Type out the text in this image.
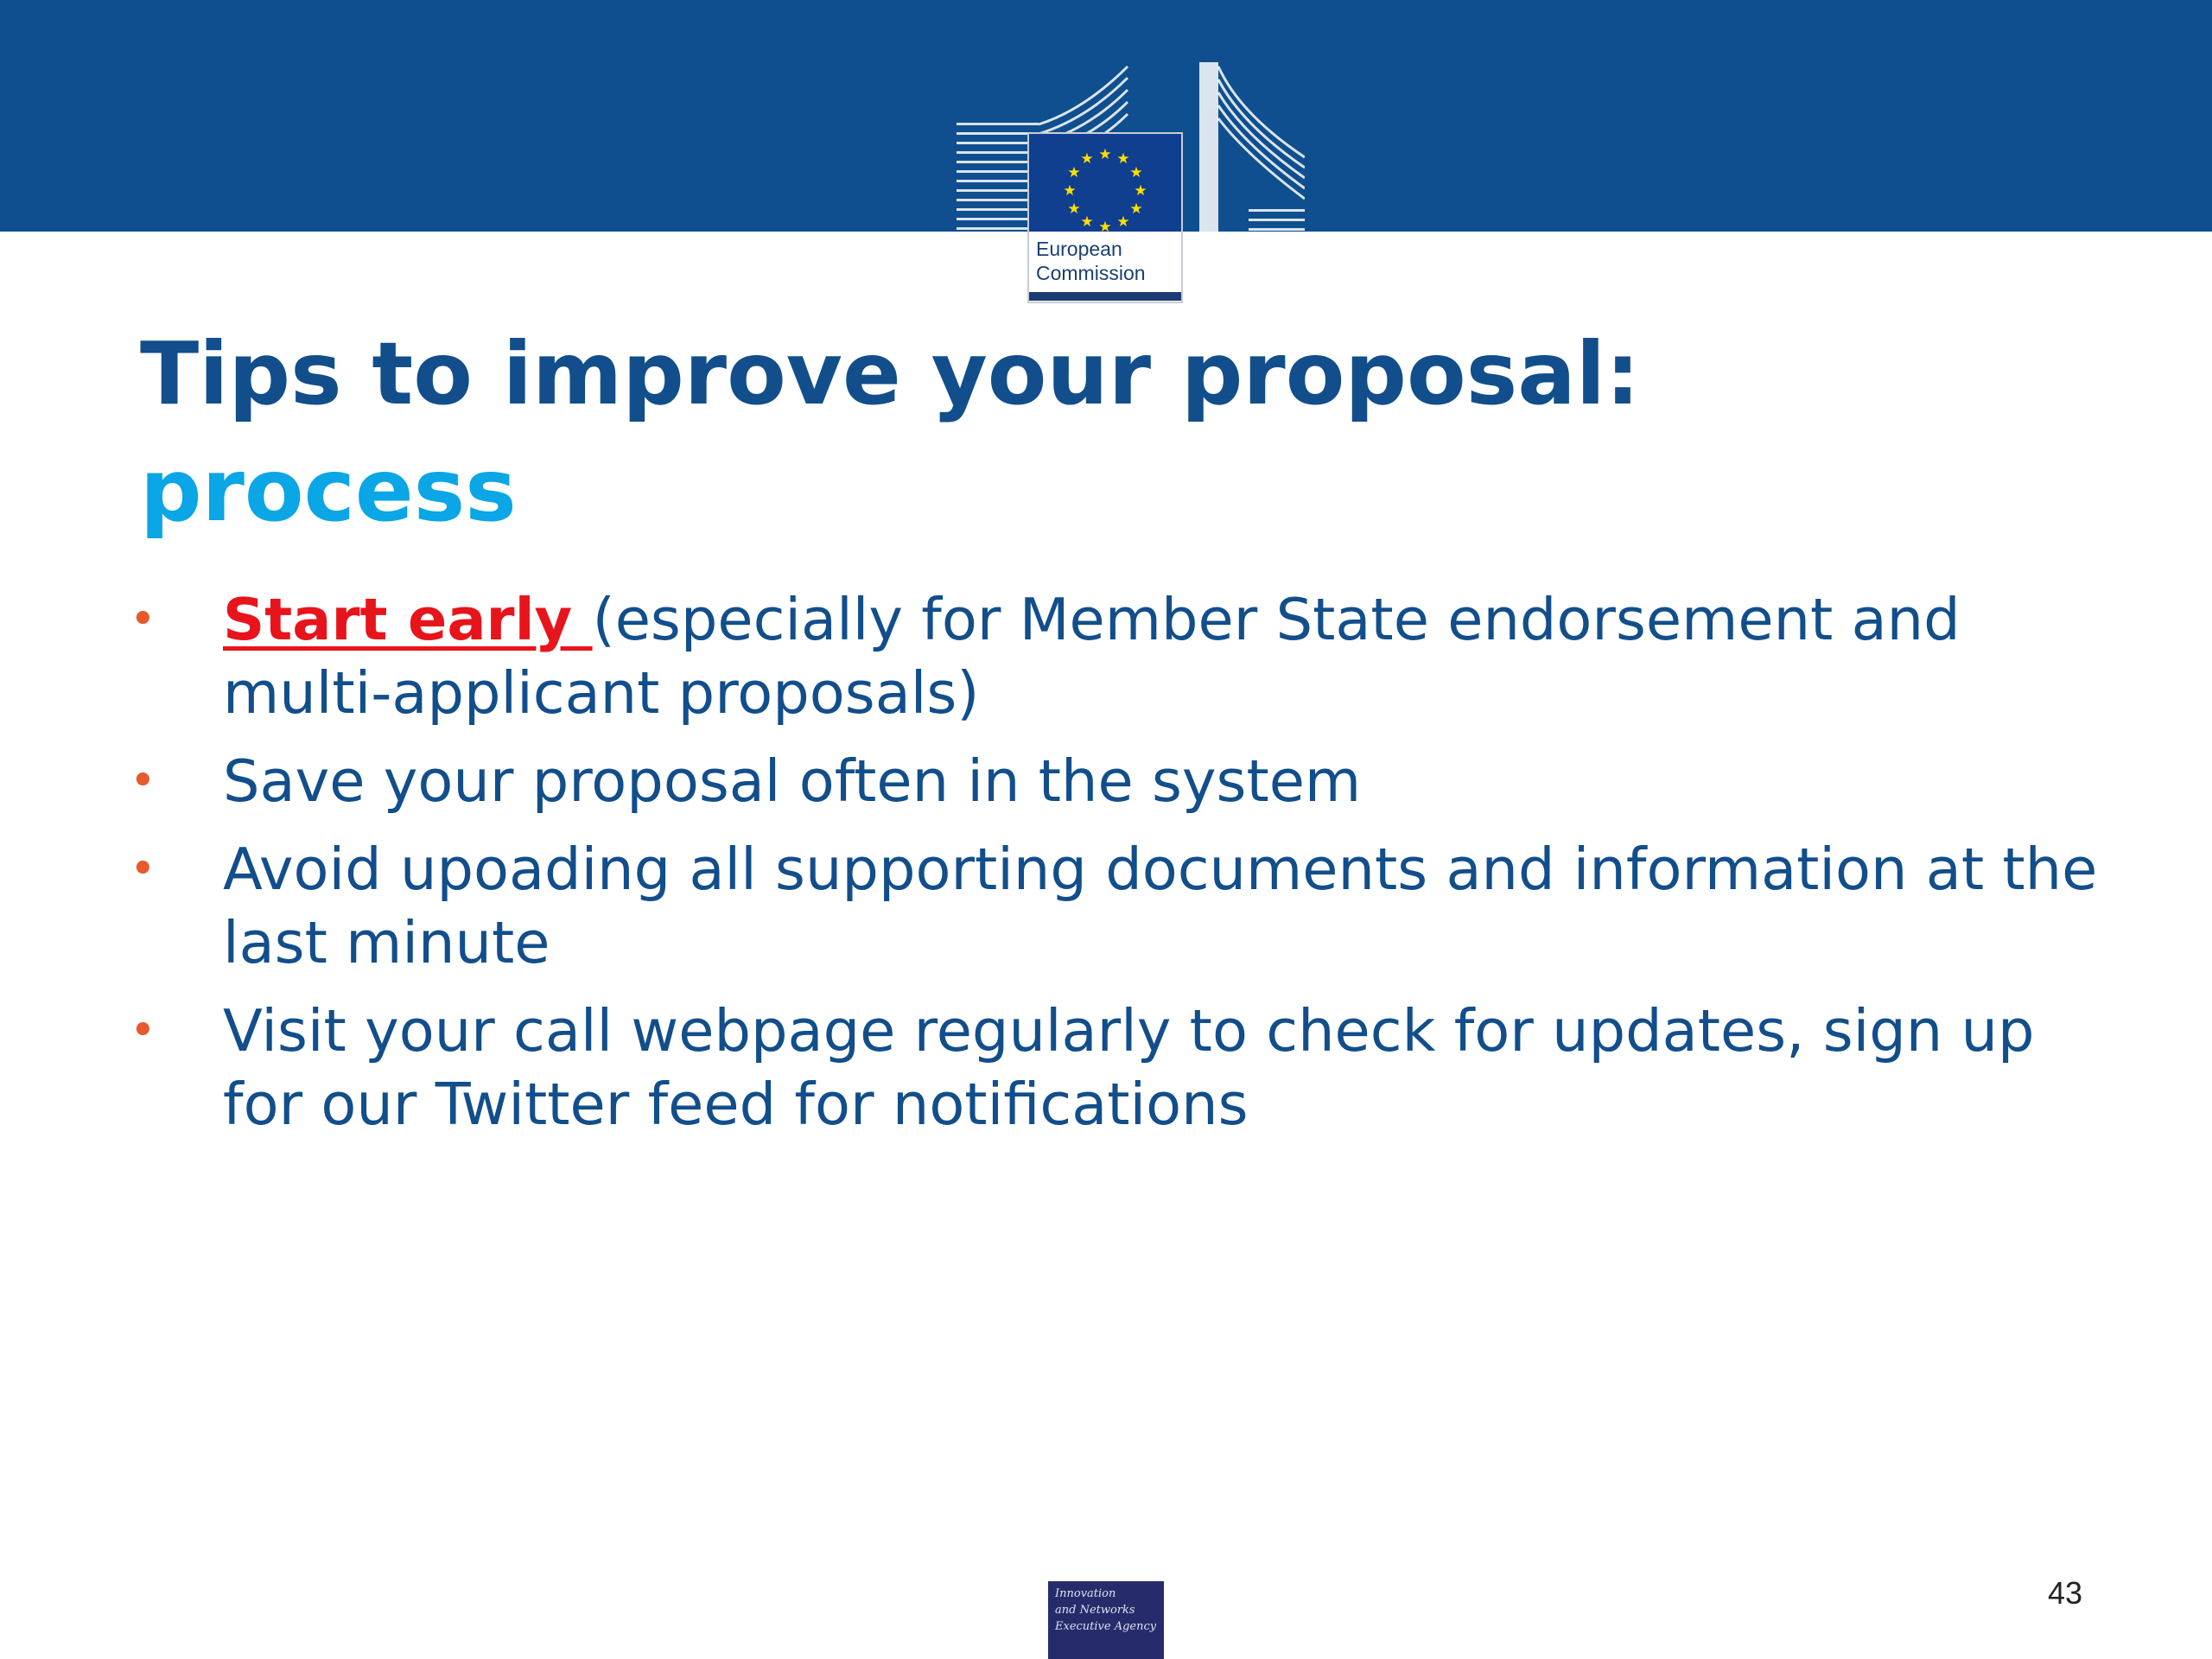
★ ★
★
★
★
★
★
★
★
★
★
★
European
Commission
Tips to improve your proposal:
process
• Start early (especially for Member State endorsement and multi-applicant proposals)
• Save your proposal often in the system
• Avoid upoading all supporting documents and information at the last minute
• Visit your call webpage regularly to check for updates, sign up for our Twitter feed for notifications
Innovation
and Networks
Executive Agency
43
